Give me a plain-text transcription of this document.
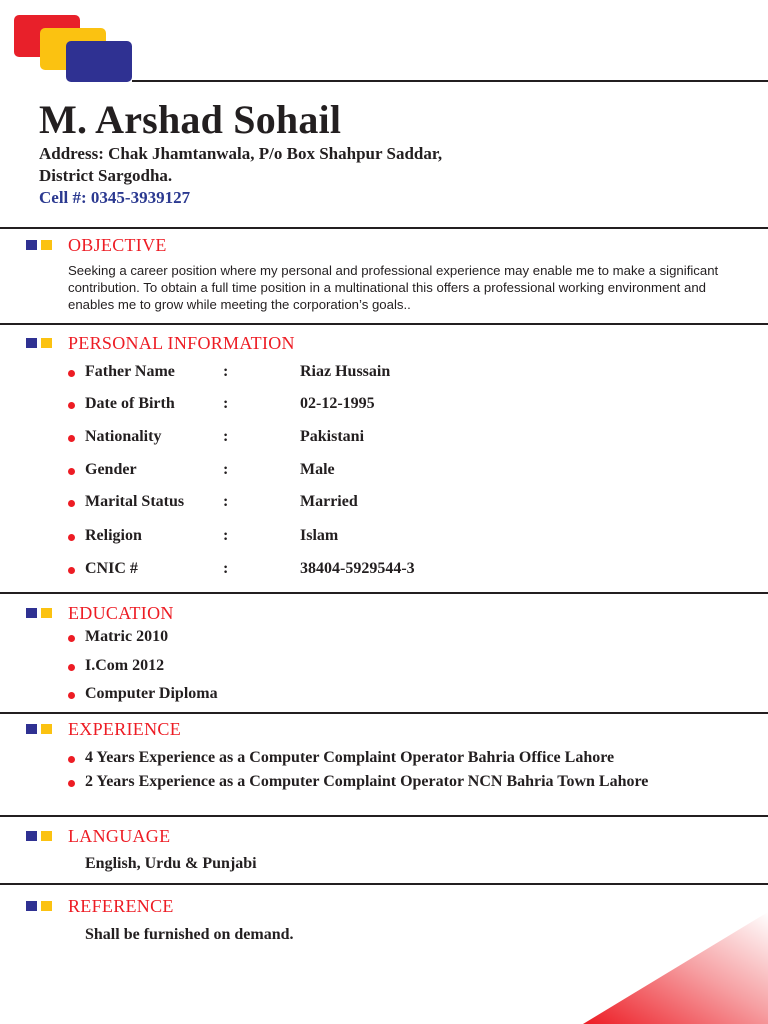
M. Arshad Sohail
Address: Chak Jhamtanwala, P/o Box Shahpur Saddar,
District Sargodha.
Cell #: 0345-3939127
OBJECTIVE
Seeking a career position where my personal and professional experience may enable me to make a significant contribution. To obtain a full time position in a multinational this offers a professional working environment and enables me to grow while meeting the corporation’s goals..
PERSONAL INFORMATION
Father Name	:	Riaz Hussain
Date of Birth	:	02-12-1995
Nationality	:	Pakistani
Gender	:	Male
Marital Status :	Married
Religion	:	Islam
CNIC #	:	38404-5929544-3
EDUCATION
Matric 2010
I.Com 2012
Computer Diploma
EXPERIENCE
4 Years Experience as a Computer Complaint Operator Bahria Office Lahore
2 Years Experience as a Computer Complaint Operator NCN Bahria Town Lahore
LANGUAGE
English, Urdu & Punjabi
REFERENCE
Shall be furnished on demand.
